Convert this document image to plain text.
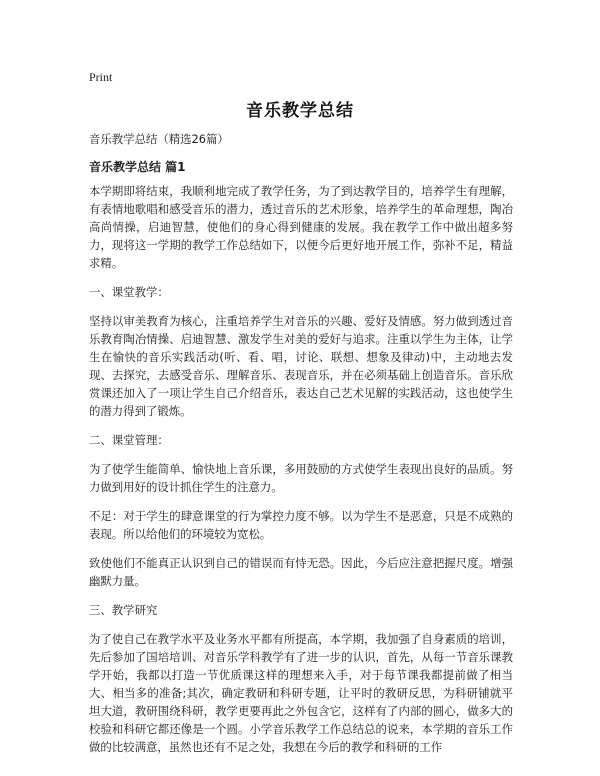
Print
音乐教学总结

音乐教学总结（精选26篇）

音乐教学总结 篇1

本学期即将结束，我顺利地完成了教学任务，为了到达教学目的，培养学生有理解，有表情地歌唱和感受音乐的潜力，透过音乐的艺术形象，培养学生的革命理想，陶冶高尚情操，启迪智慧，使他们的身心得到健康的发展。我在教学工作中做出超多努力，现将这一学期的教学工作总结如下，以便今后更好地开展工作，弥补不足，精益求精。

一、课堂教学：

坚持以审美教育为核心，注重培养学生对音乐的兴趣、爱好及情感。努力做到透过音乐教育陶冶情操、启迪智慧、激发学生对美的爱好与追求。注重以学生为主体，让学生在愉快的音乐实践活动(听、看、唱，讨论、联想、想象及律动)中，主动地去发现、去探究，去感受音乐、理解音乐、表现音乐，并在必须基础上创造音乐。音乐欣赏课还加入了一项让学生自己介绍音乐，表达自己艺术见解的实践活动，这也使学生的潜力得到了锻炼。

二、课堂管理：

为了使学生能简单、愉快地上音乐课，多用鼓励的方式使学生表现出良好的品质。努力做到用好的设计抓住学生的注意力。

不足：对于学生的肆意课堂的行为掌控力度不够。以为学生不是恶意，只是不成熟的表现。所以给他们的环境较为宽松。

致使他们不能真正认识到自己的错误而有恃无恐。因此，今后应注意把握尺度。增强幽默力量。

三、教学研究

为了使自己在教学水平及业务水平都有所提高，本学期，我加强了自身素质的培训，先后参加了国培培训、对音乐学科教学有了进一步的认识，首先，从每一节音乐课教学开始，我都以打造一节优质课这样的理想来入手，对于每节课我都提前做了相当大、相当多的准备;其次，确定教研和科研专题，让平时的教研反思，为科研铺就平坦大道，教研围绕科研，教学更要再此之外包含它，这样有了内部的圆心，做多大的校验和科研它都还像是一个圆。小学音乐教学工作总结总的说来，本学期的音乐工作做的比较满意，虽然也还有不足之处，我想在今后的教学和科研的工作
